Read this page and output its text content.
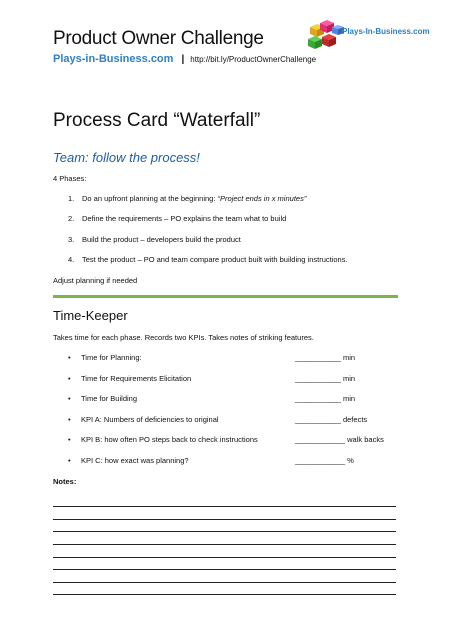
Product Owner Challenge
Plays-in-Business.com | http://bit.ly/ProductOwnerChallenge
Plays-In-Business.com
Process Card “Waterfall”
Team: follow the process!
4 Phases:
1. Do an upfront planning at the beginning: “Project ends in x minutes”
2. Define the requirements – PO explains the team what to build
3. Build the product – developers build the product
4. Test the product – PO and team compare product built with building instructions.
Adjust planning if needed
Time-Keeper
Takes time for each phase. Records two KPIs. Takes notes of striking features.
• Time for Planning:	___________ min
• Time for Requirements Elicitation	___________ min
• Time for Building	___________ min
• KPI A: Numbers of deficiencies to original	___________ defects
• KPI B: how often PO steps back to check instructions	____________ walk backs
• KPI C: how exact was planning?	____________ %
Notes:
